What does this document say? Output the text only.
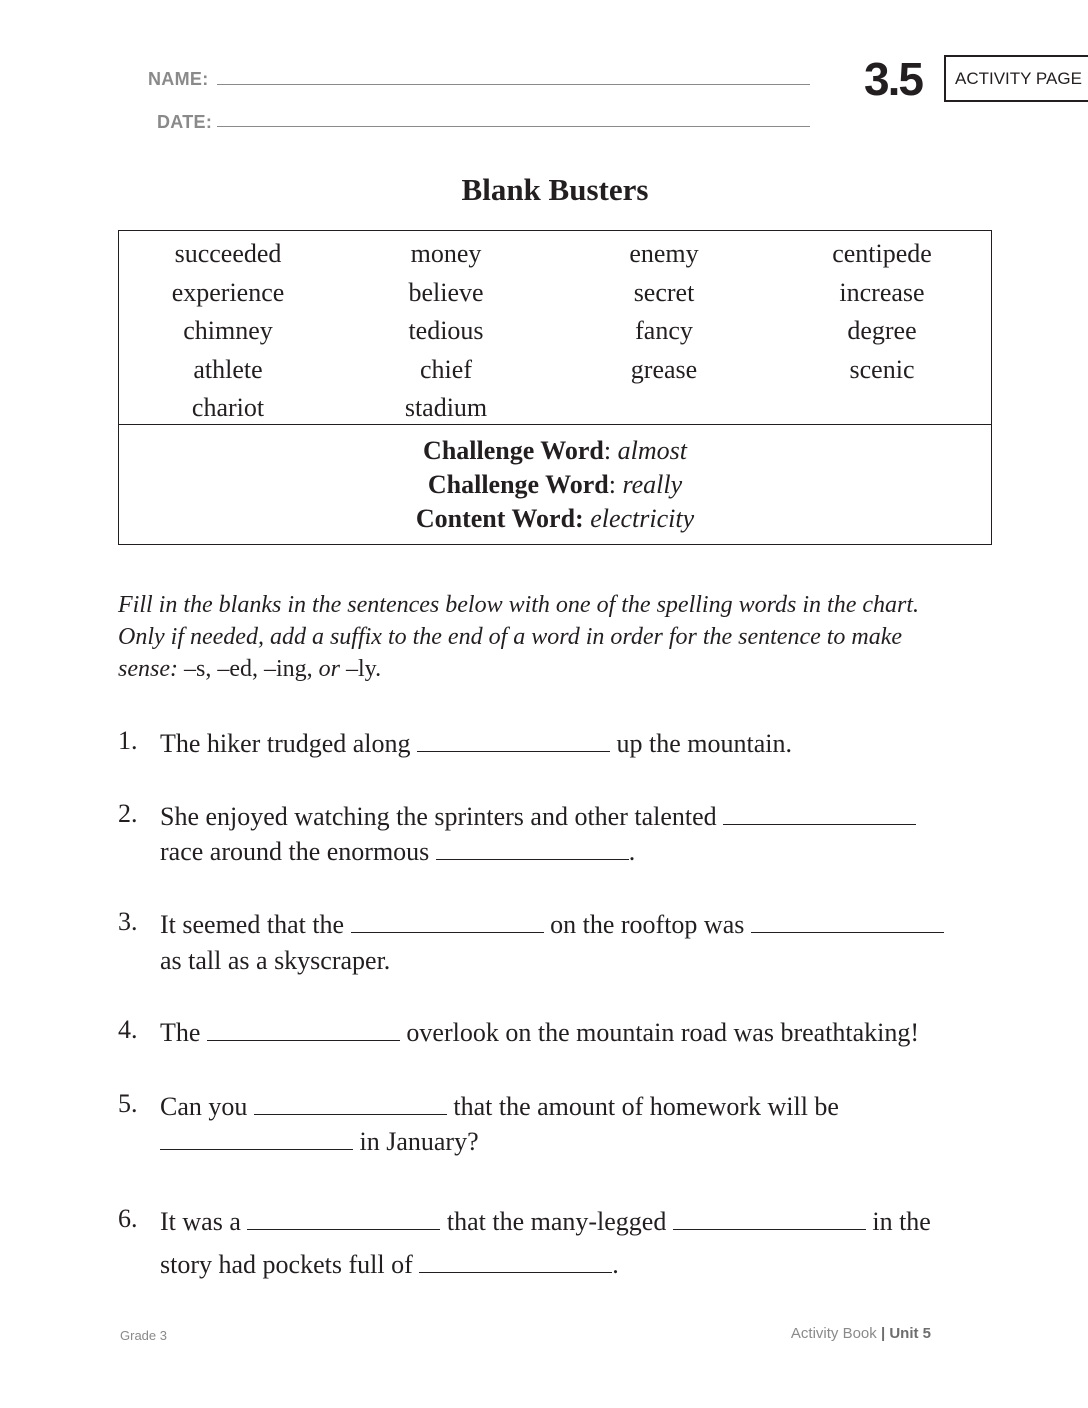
NAME:
DATE:
3.5 ACTIVITY PAGE
Blank Busters
succeeded	money	enemy	centipede
experience	believe	secret	increase
chimney	tedious	fancy	degree
athlete	chief	grease	scenic
chariot	stadium
Challenge Word: almost
Challenge Word: really
Content Word: electricity
Fill in the blanks in the sentences below with one of the spelling words in the chart. Only if needed, add a suffix to the end of a word in order for the sentence to make sense: –s, –ed, –ing, or –ly.
1. The hiker trudged along	up the mountain.
2. She enjoyed watching the sprinters and other talented
race around the enormous	.
3. It seemed that the	on the rooftop was
as tall as a skyscraper.
4. The	overlook on the mountain road was breathtaking!
5. Can you	that the amount of homework will be
in January?
6. It was a	that the many-legged	in the
story had pockets full of	.
Grade 3	Activity Book | Unit 5
